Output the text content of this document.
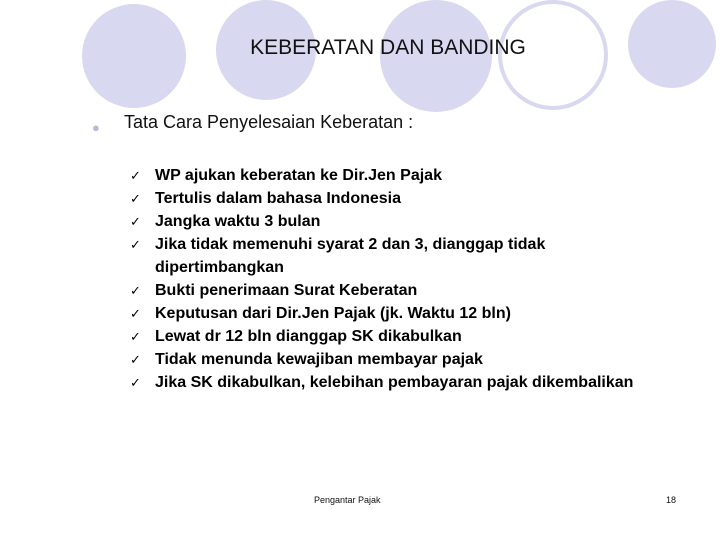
KEBERATAN DAN BANDING
● Tata Cara Penyelesaian Keberatan :
✓ WP ajukan keberatan ke Dir.Jen Pajak
✓ Tertulis dalam bahasa Indonesia
✓ Jangka waktu 3 bulan
✓ Jika tidak memenuhi syarat 2 dan 3, dianggap tidak dipertimbangkan
✓ Bukti penerimaan Surat Keberatan
✓ Keputusan dari Dir.Jen Pajak (jk. Waktu 12 bln)
✓ Lewat dr 12 bln dianggap SK dikabulkan
✓ Tidak menunda kewajiban membayar pajak
✓ Jika SK dikabulkan, kelebihan pembayaran pajak dikembalikan
Pengantar Pajak	18
